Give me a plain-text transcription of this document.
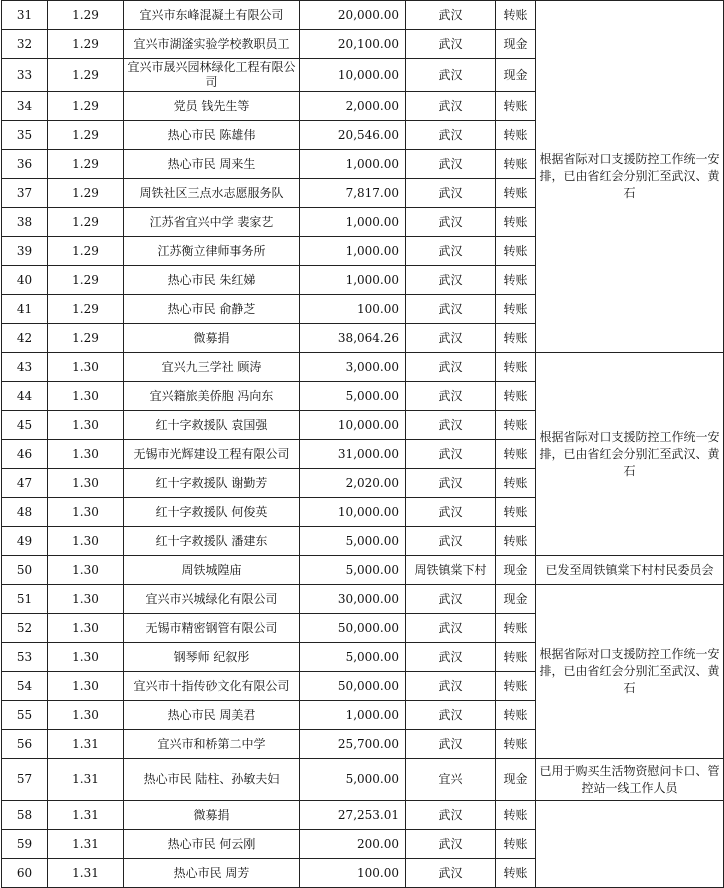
31	1.29	宜兴市东峰混凝土有限公司	20,000.00	武汉	转账	根据省际对口支援防控工作统一安排，已由省红会分别汇至武汉、黄石
32	1.29	宜兴市湖滏实验学校教职员工	20,100.00	武汉	现金	
33	1.29	宜兴市晟兴园林绿化工程有限公司	10,000.00	武汉	现金	
34	1.29	党员 钱先生等	2,000.00	武汉	转账	
35	1.29	热心市民 陈雄伟	20,546.00	武汉	转账	
36	1.29	热心市民 周来生	1,000.00	武汉	转账	
37	1.29	周铁社区三点水志愿服务队	7,817.00	武汉	转账	
38	1.29	江苏省宜兴中学 裴家艺	1,000.00	武汉	转账	
39	1.29	江苏衡立律师事务所	1,000.00	武汉	转账	
40	1.29	热心市民 朱红娣	1,000.00	武汉	转账	
41	1.29	热心市民 俞静芝	100.00	武汉	转账	
42	1.29	微募捐	38,064.26	武汉	转账	
43	1.30	宜兴九三学社 顾涛	3,000.00	武汉	转账	根据省际对口支援防控工作统一安排，已由省红会分别汇至武汉、黄石
44	1.30	宜兴籍旅美侨胞 冯向东	5,000.00	武汉	转账	
45	1.30	红十字救援队 袁国强	10,000.00	武汉	转账	
46	1.30	无锡市光辉建设工程有限公司	31,000.00	武汉	转账	
47	1.30	红十字救援队 谢勤芳	2,020.00	武汉	转账	
48	1.30	红十字救援队 何俊英	10,000.00	武汉	转账	
49	1.30	红十字救援队 潘建东	5,000.00	武汉	转账	
50	1.30	周铁城隍庙	5,000.00	周铁镇棠下村	现金	已发至周铁镇棠下村村民委员会
51	1.30	宜兴市兴城绿化有限公司	30,000.00	武汉	现金	根据省际对口支援防控工作统一安排，已由省红会分别汇至武汉、黄石
52	1.30	无锡市精密钢管有限公司	50,000.00	武汉	转账	
53	1.30	钢琴师 纪叙彤	5,000.00	武汉	转账	
54	1.30	宜兴市十指传砂文化有限公司	50,000.00	武汉	转账	
55	1.30	热心市民 周美君	1,000.00	武汉	转账	
56	1.31	宜兴市和桥第二中学	25,700.00	武汉	转账	
57	1.31	热心市民 陆柱、孙敏夫妇	5,000.00	宜兴	现金	已用于购买生活物资慰问卡口、管控站一线工作人员
58	1.31	微募捐	27,253.01	武汉	转账	
59	1.31	热心市民 何云刚	200.00	武汉	转账	
60	1.31	热心市民 周芳	100.00	武汉	转账	
